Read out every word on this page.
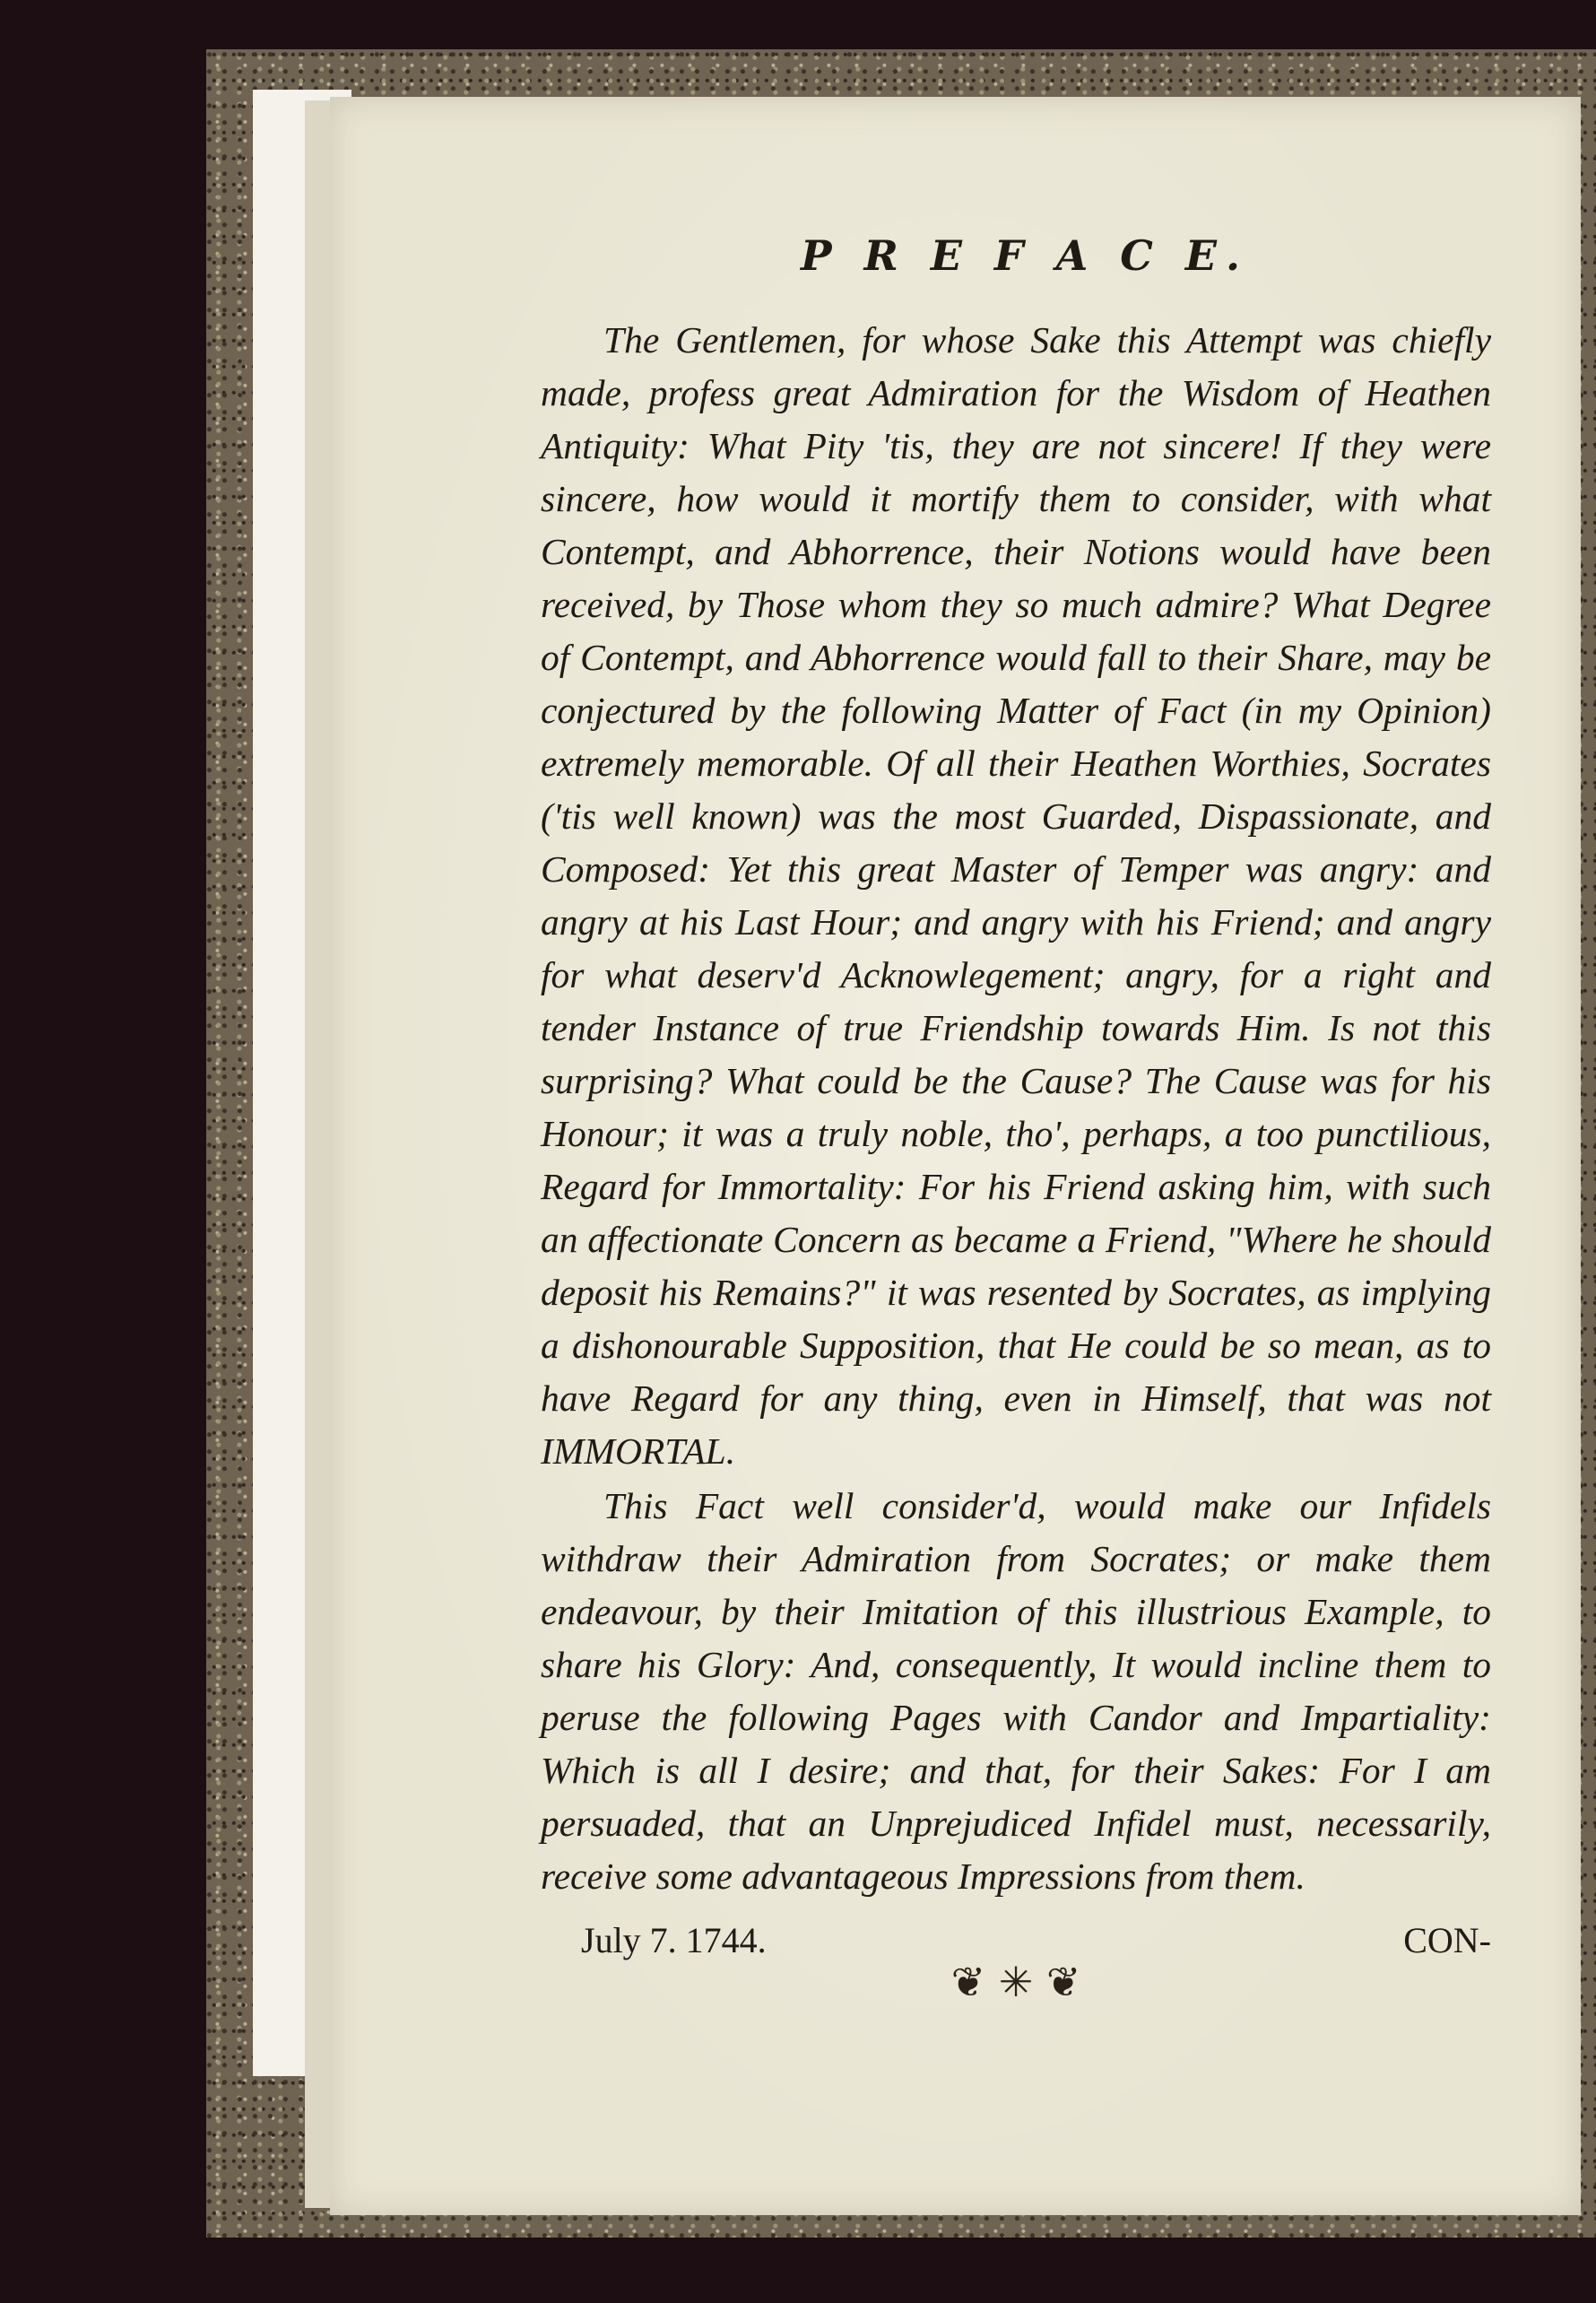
P R E F A C E.

The Gentlemen, for whose Sake this Attempt was chiefly made, profess great Admiration for the Wisdom of Heathen Antiquity: What Pity 'tis, they are not sincere! If they were sincere, how would it mortify them to consider, with what Contempt, and Abhorrence, their Notions would have been received, by Those whom they so much admire? What Degree of Contempt, and Abhorrence would fall to their Share, may be conjectured by the following Matter of Fact (in my Opinion) extremely memorable. Of all their Heathen Worthies, Socrates ('tis well known) was the most Guarded, Dispassionate, and Composed: Yet this great Master of Temper was angry: and angry at his Last Hour; and angry with his Friend; and angry for what deserv'd Acknowlegement; angry, for a right and tender Instance of true Friendship towards Him. Is not this surprising? What could be the Cause? The Cause was for his Honour; it was a truly noble, tho', perhaps, a too punctilious, Regard for Immortality: For his Friend asking him, with such an affectionate Concern as became a Friend, "Where he should deposit his Remains?" it was resented by Socrates, as implying a dishonourable Supposition, that He could be so mean, as to have Regard for any thing, even in Himself, that was not IMMORTAL.

This Fact well consider'd, would make our Infidels withdraw their Admiration from Socrates; or make them endeavour, by their Imitation of this illustrious Example, to share his Glory: And, consequently, It would incline them to peruse the following Pages with Candor and Impartiality: Which is all I desire; and that, for their Sakes: For I am persuaded, that an Unprejudiced Infidel must, necessarily, receive some advantageous Impressions from them.

July 7. 1744.	CON-
❦ ✳ ❦
